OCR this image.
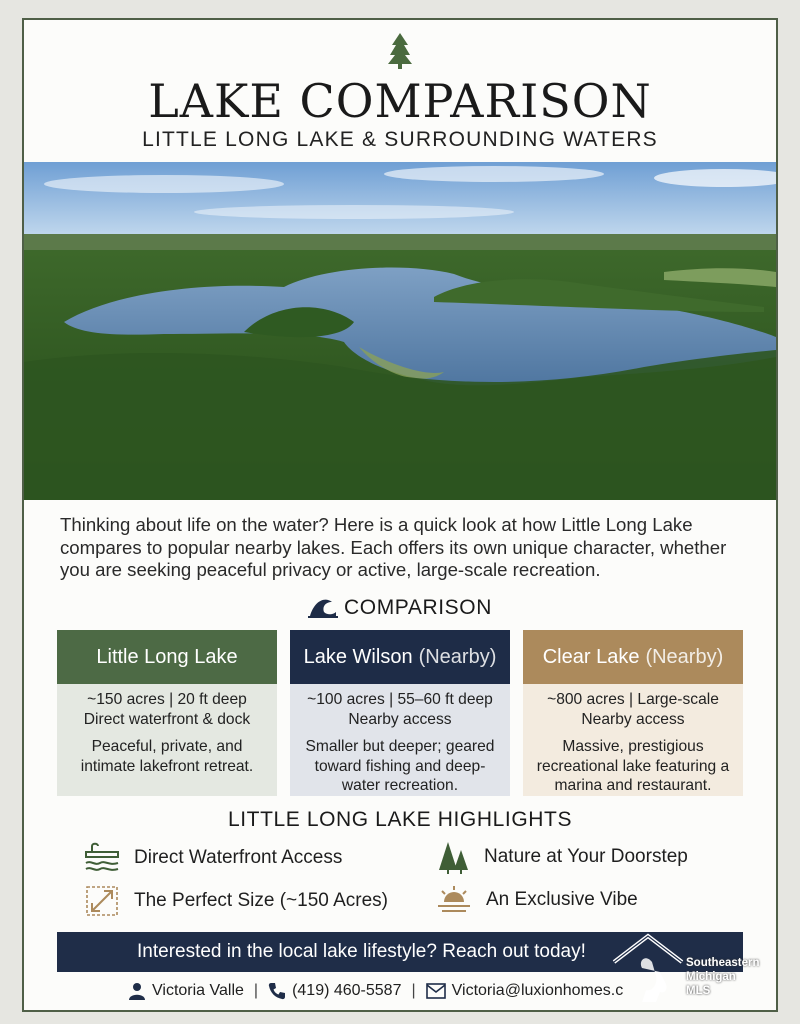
LAKE COMPARISON
LITTLE LONG LAKE & SURROUNDING WATERS
Thinking about life on the water? Here is a quick look at how Little Long Lake compares to popular nearby lakes. Each offers its own unique character, whether you are seeking peaceful privacy or active, large-scale recreation.
COMPARISON
Little Long Lake
~150 acres | 20 ft deep
Direct waterfront & dock
Peaceful, private, and intimate lakefront retreat.
Lake Wilson (Nearby)
~100 acres | 55–60 ft deep
Nearby access
Smaller but deeper; geared toward fishing and deep-water recreation.
Clear Lake (Nearby)
~800 acres | Large-scale
Nearby access
Massive, prestigious recreational lake featuring a marina and restaurant.
LITTLE LONG LAKE HIGHLIGHTS
Direct Waterfront Access	Nature at Your Doorstep
The Perfect Size (~150 Acres)	An Exclusive Vibe
Interested in the local lake lifestyle? Reach out today!
Southeastern
Michigan
MLS
Victoria Valle | (419) 460-5587 | Victoria@luxionhomes.c
